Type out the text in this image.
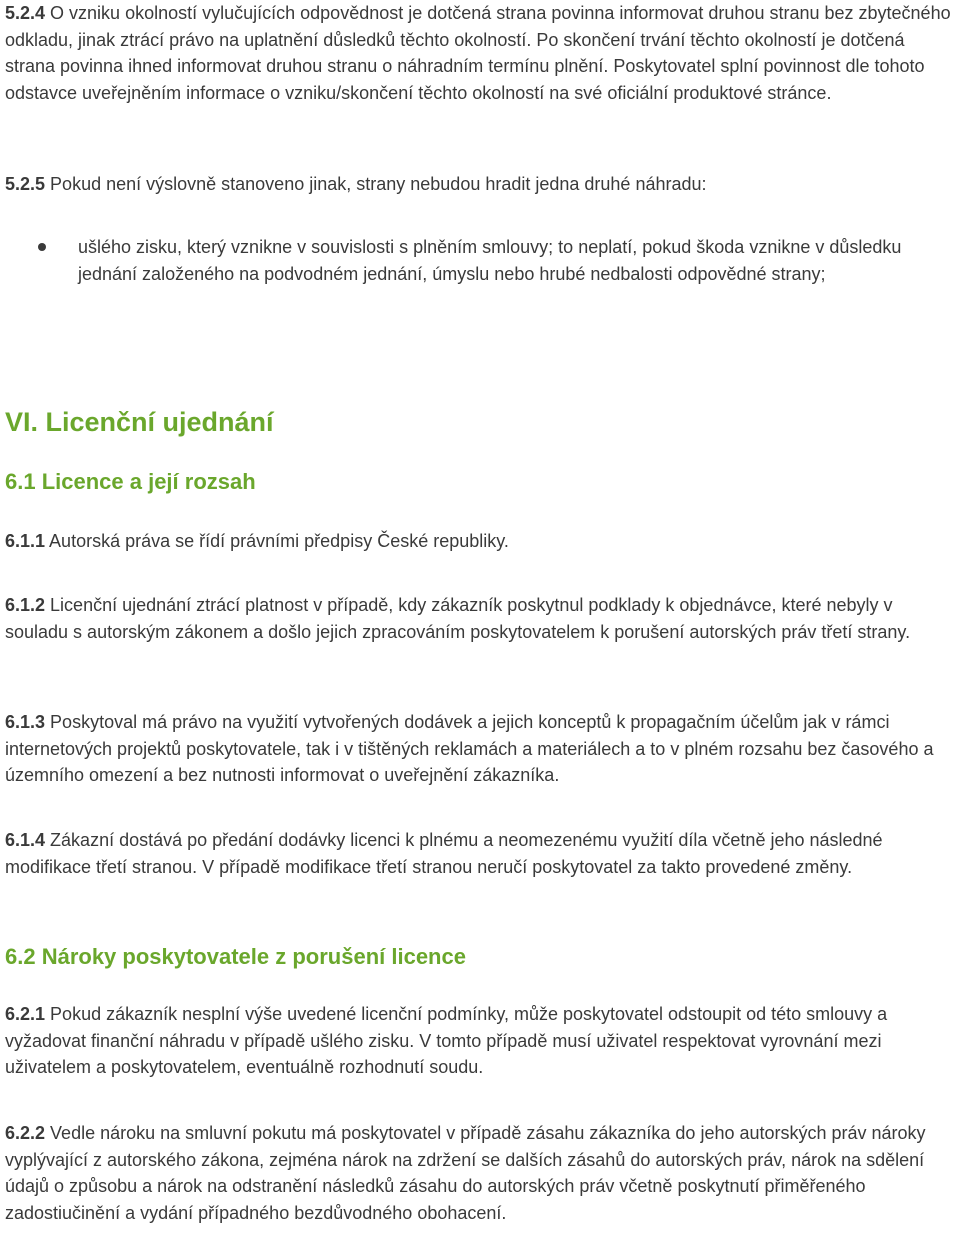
5.2.4 O vzniku okolností vylučujících odpovědnost je dotčená strana povinna informovat druhou stranu bez zbytečného odkladu, jinak ztrácí právo na uplatnění důsledků těchto okolností. Po skončení trvání těchto okolností je dotčená strana povinna ihned informovat druhou stranu o náhradním termínu plnění. Poskytovatel splní povinnost dle tohoto odstavce uveřejněním informace o vzniku/skončení těchto okolností na své oficiální produktové stránce.

5.2.5 Pokud není výslovně stanoveno jinak, strany nebudou hradit jedna druhé náhradu:

ušlého zisku, který vznikne v souvislosti s plněním smlouvy; to neplatí, pokud škoda vznikne v důsledku jednání založeného na podvodném jednání, úmyslu nebo hrubé nedbalosti odpovědné strany;

VI. Licenční ujednání
6.1 Licence a její rozsah

6.1.1 Autorská práva se řídí právními předpisy České republiky.

6.1.2 Licenční ujednání ztrácí platnost v případě, kdy zákazník poskytnul podklady k objednávce, které nebyly v souladu s autorským zákonem a došlo jejich zpracováním poskytovatelem k porušení autorských práv třetí strany.

6.1.3 Poskytoval má právo na využití vytvořených dodávek a jejich konceptů k propagačním účelům jak v rámci internetových projektů poskytovatele, tak i v tištěných reklamách a materiálech a to v plném rozsahu bez časového a územního omezení a bez nutnosti informovat o uveřejnění zákazníka.

6.1.4 Zákazní dostává po předání dodávky licenci k plnému a neomezenému využití díla včetně jeho následné modifikace třetí stranou. V případě modifikace třetí stranou neručí poskytovatel za takto provedené změny.

6.2 Nároky poskytovatele z porušení licence

6.2.1 Pokud zákazník nesplní výše uvedené licenční podmínky, může poskytovatel odstoupit od této smlouvy a vyžadovat finanční náhradu v případě ušlého zisku. V tomto případě musí uživatel respektovat vyrovnání mezi uživatelem a poskytovatelem, eventuálně rozhodnutí soudu.

6.2.2 Vedle nároku na smluvní pokutu má poskytovatel v případě zásahu zákazníka do jeho autorských práv nároky vyplývající z autorského zákona, zejména nárok na zdržení se dalších zásahů do autorských práv, nárok na sdělení údajů o způsobu a nárok na odstranění následků zásahu do autorských práv včetně poskytnutí přiměřeného zadostiučinění a vydání případného bezdůvodného obohacení.
